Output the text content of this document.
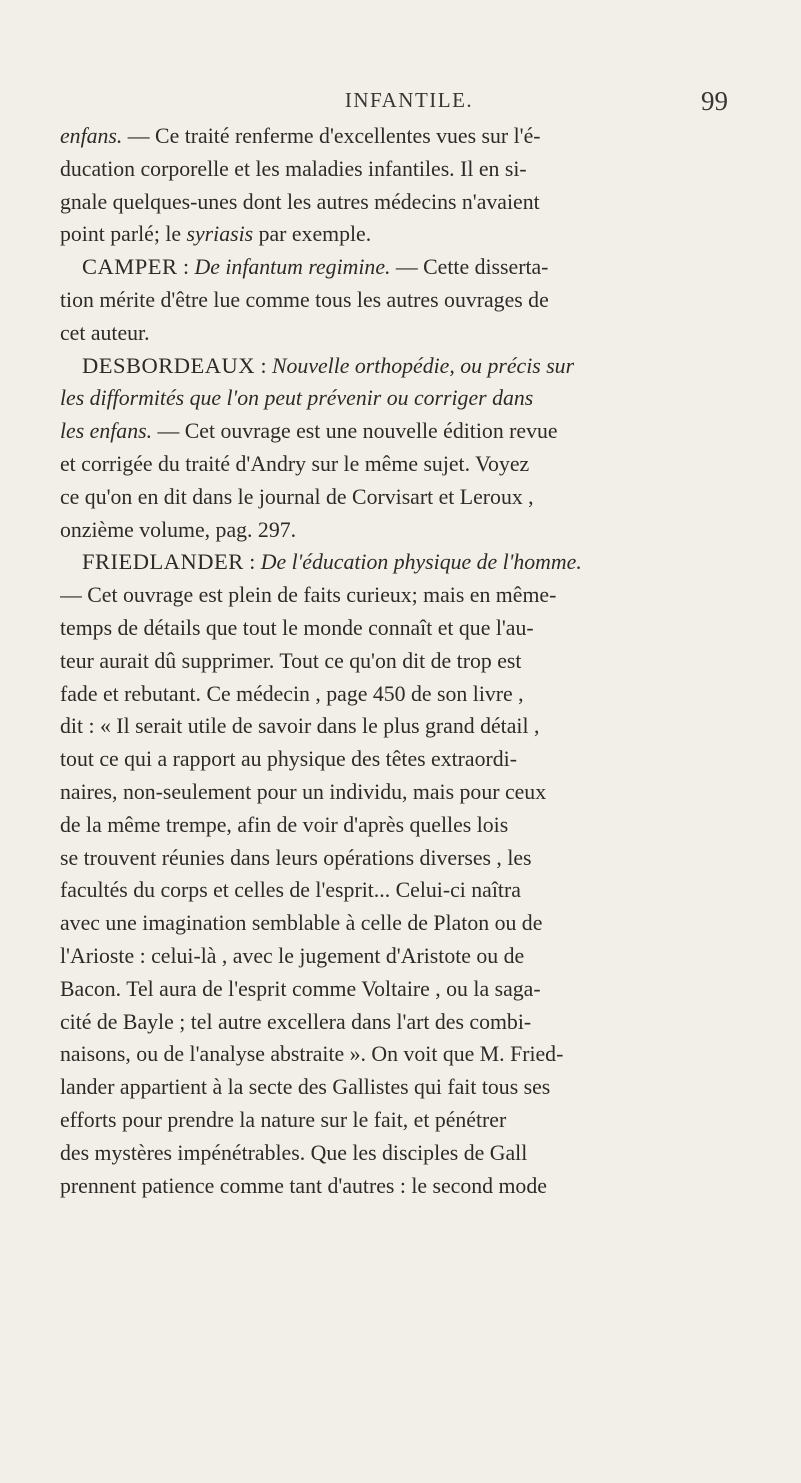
INFANTILE.	99
enfans. — Ce traité renferme d'excellentes vues sur l'é-
ducation corporelle et les maladies infantiles. Il en si-
gnale quelques-unes dont les autres médecins n'avaient
point parlé; le syriasis par exemple.
CAMPER : De infantum regimine. — Cette disserta-
tion mérite d'être lue comme tous les autres ouvrages de
cet auteur.
DESBORDEAUX : Nouvelle orthopédie, ou précis sur
les difformités que l'on peut prévenir ou corriger dans
les enfans. — Cet ouvrage est une nouvelle édition revue
et corrigée du traité d'Andry sur le même sujet. Voyez
ce qu'on en dit dans le journal de Corvisart et Leroux ,
onzième volume, pag. 297.
FRIEDLANDER : De l'éducation physique de l'homme.
— Cet ouvrage est plein de faits curieux; mais en même-
temps de détails que tout le monde connaît et que l'au-
teur aurait dû supprimer. Tout ce qu'on dit de trop est
fade et rebutant. Ce médecin , page 450 de son livre ,
dit : « Il serait utile de savoir dans le plus grand détail ,
tout ce qui a rapport au physique des têtes extraordi-
naires, non-seulement pour un individu, mais pour ceux
de la même trempe, afin de voir d'après quelles lois
se trouvent réunies dans leurs opérations diverses , les
facultés du corps et celles de l'esprit... Celui-ci naîtra
avec une imagination semblable à celle de Platon ou de
l'Arioste : celui-là , avec le jugement d'Aristote ou de
Bacon. Tel aura de l'esprit comme Voltaire , ou la saga-
cité de Bayle ; tel autre excellera dans l'art des combi-
naisons, ou de l'analyse abstraite ». On voit que M. Fried-
lander appartient à la secte des Gallistes qui fait tous ses
efforts pour prendre la nature sur le fait, et pénétrer
des mystères impénétrables. Que les disciples de Gall
prennent patience comme tant d'autres : le second mode
